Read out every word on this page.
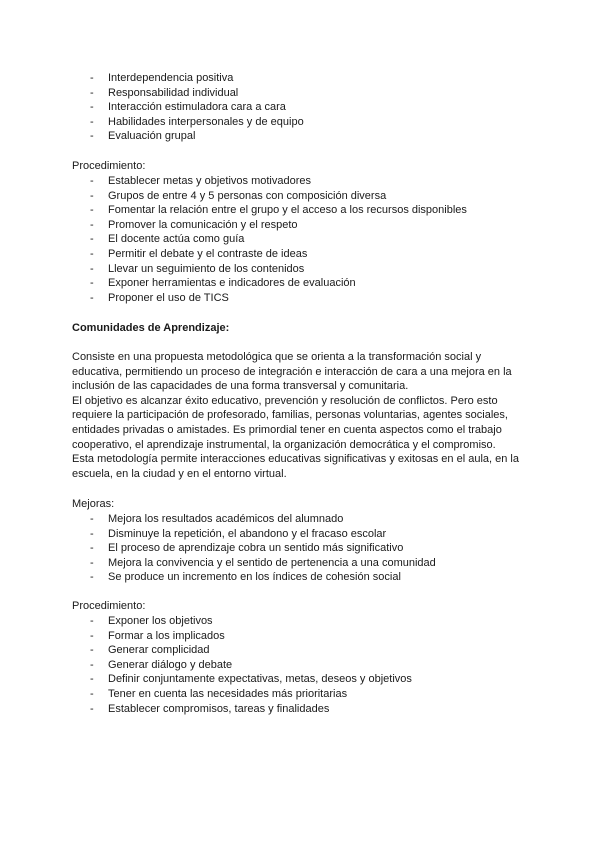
- Interdependencia positiva
- Responsabilidad individual
- Interacción estimuladora cara a cara
- Habilidades interpersonales y de equipo
- Evaluación grupal
Procedimiento:
- Establecer metas y objetivos motivadores
- Grupos de entre 4 y 5 personas con composición diversa
- Fomentar la relación entre el grupo y el acceso a los recursos disponibles
- Promover la comunicación y el respeto
- El docente actúa como guía
- Permitir el debate y el contraste de ideas
- Llevar un seguimiento de los contenidos
- Exponer herramientas e indicadores de evaluación
- Proponer el uso de TICS
Comunidades de Aprendizaje:
Consiste en una propuesta metodológica que se orienta a la transformación social y
educativa, permitiendo un proceso de integración e interacción de cara a una mejora en la
inclusión de las capacidades de una forma transversal y comunitaria.
El objetivo es alcanzar éxito educativo, prevención y resolución de conflictos. Pero esto
requiere la participación de profesorado, familias, personas voluntarias, agentes sociales,
entidades privadas o amistades. Es primordial tener en cuenta aspectos como el trabajo
cooperativo, el aprendizaje instrumental, la organización democrática y el compromiso.
Esta metodología permite interacciones educativas significativas y exitosas en el aula, en la
escuela, en la ciudad y en el entorno virtual.
Mejoras:
- Mejora los resultados académicos del alumnado
- Disminuye la repetición, el abandono y el fracaso escolar
- El proceso de aprendizaje cobra un sentido más significativo
- Mejora la convivencia y el sentido de pertenencia a una comunidad
- Se produce un incremento en los índices de cohesión social
Procedimiento:
- Exponer los objetivos
- Formar a los implicados
- Generar complicidad
- Generar diálogo y debate
- Definir conjuntamente expectativas, metas, deseos y objetivos
- Tener en cuenta las necesidades más prioritarias
- Establecer compromisos, tareas y finalidades
